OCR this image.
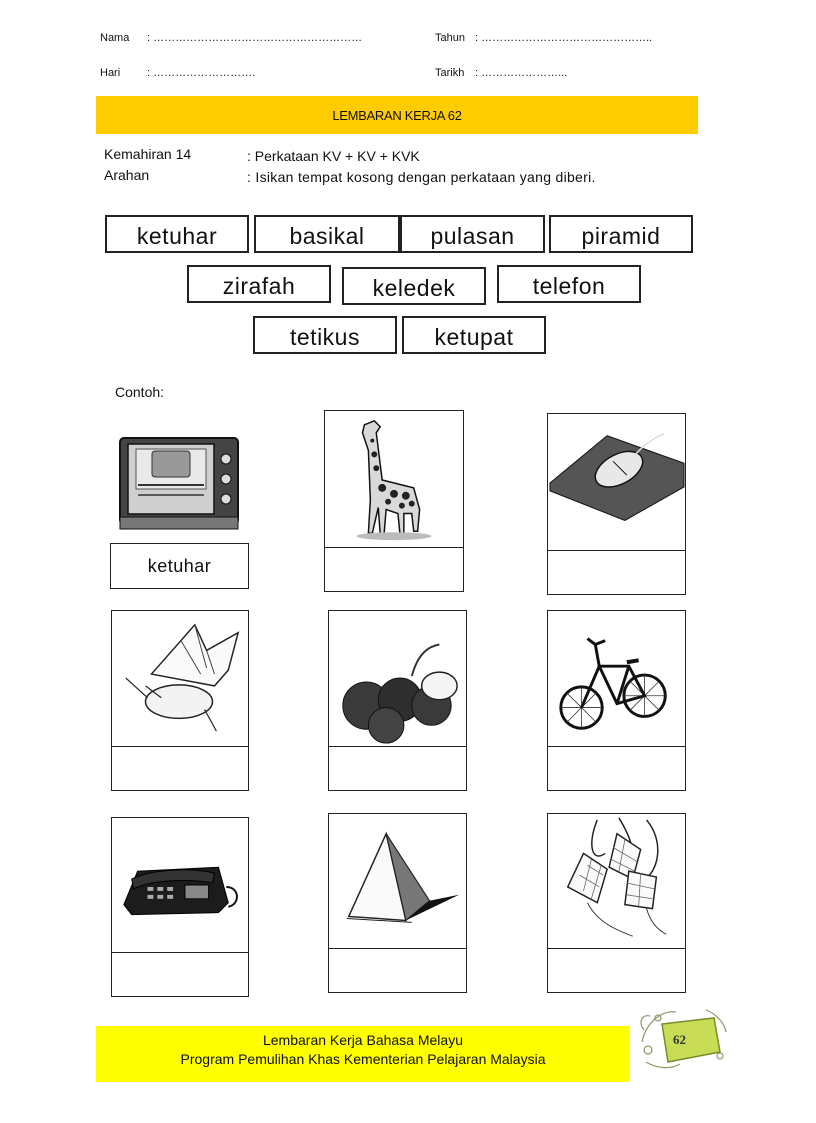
Nama : …………………………………………………	Tahun : ………………………………………..
Hari : ……………………….	Tarikh : …………………...
LEMBARAN KERJA 62
Kemahiran 14	: Perkataan KV + KV + KVK
Arahan	: Isikan tempat kosong dengan perkataan yang diberi.
ketuhar	basikal	pulasan	piramid
zirafah	keledek	telefon
tetikus	ketupat
Contoh:
ketuhar
Lembaran Kerja Bahasa Melayu
Program Pemulihan Khas Kementerian Pelajaran Malaysia
62
